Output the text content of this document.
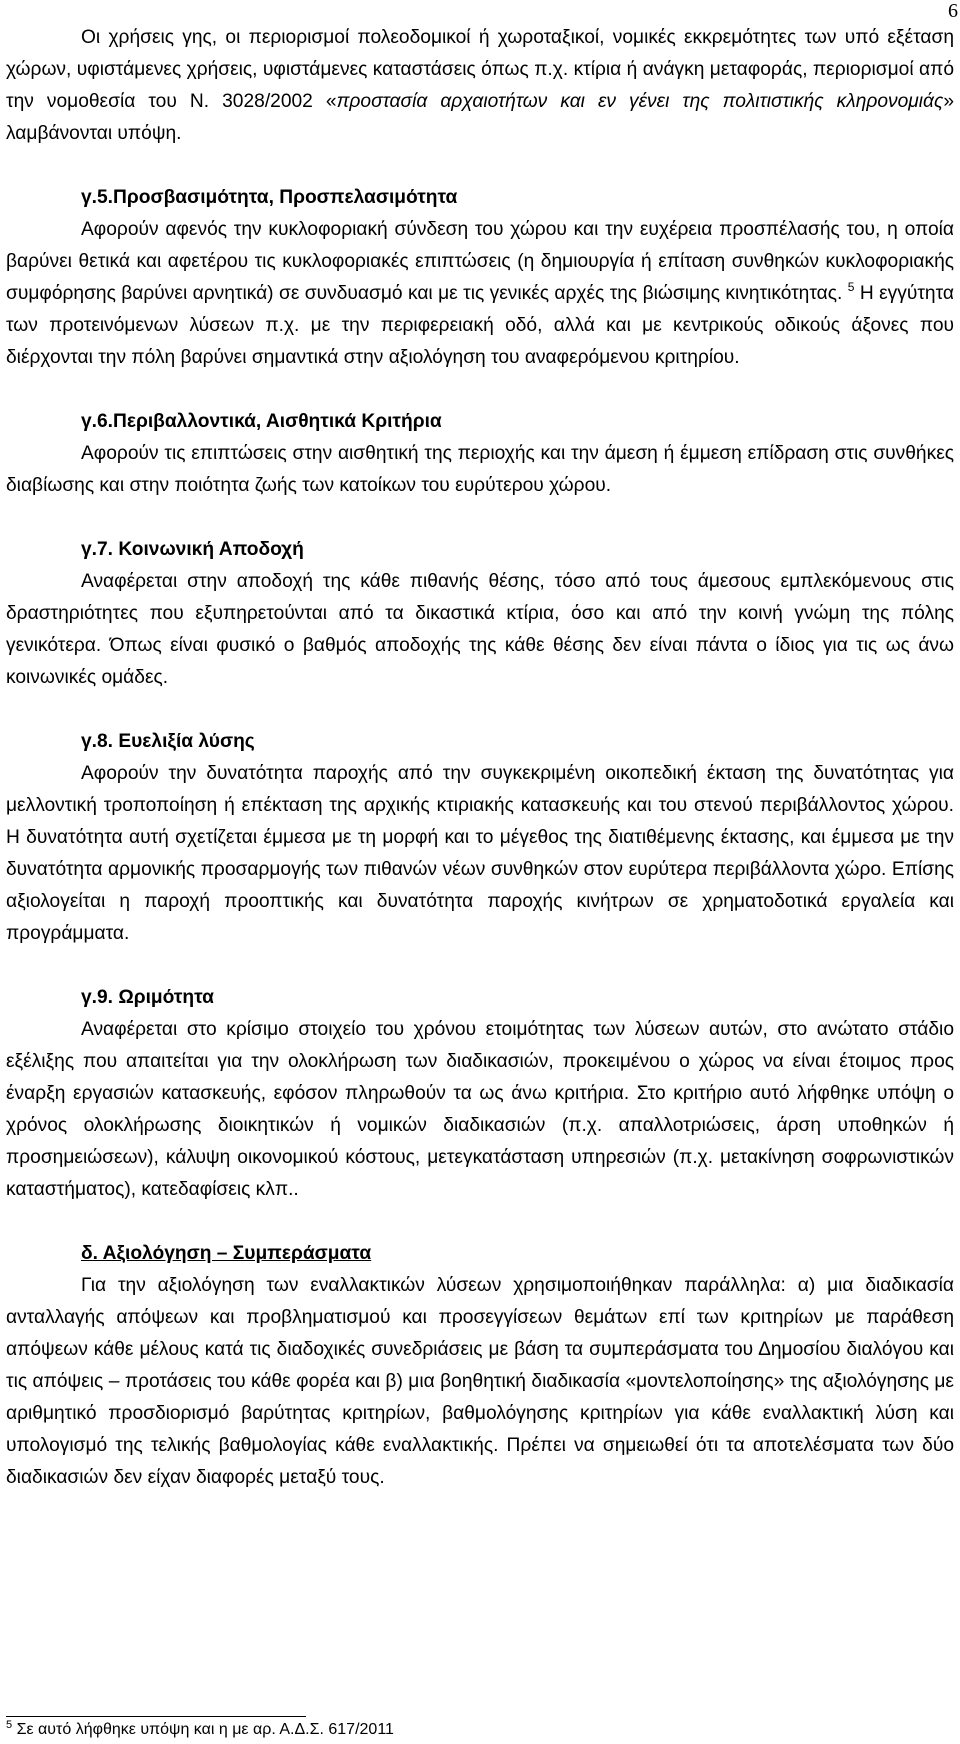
6

Οι χρήσεις γης, οι περιορισμοί πολεοδομικοί ή χωροταξικοί, νομικές εκκρεμότητες των υπό εξέταση χώρων, υφιστάμενες χρήσεις, υφιστάμενες καταστάσεις όπως π.χ. κτίρια ή ανάγκη μεταφοράς, περιορισμοί από την νομοθεσία του Ν. 3028/2002 «προστασία αρχαιοτήτων και εν γένει της πολιτιστικής κληρονομιάς» λαμβάνονται υπόψη.

γ.5.Προσβασιμότητα, Προσπελασιμότητα

Αφορούν αφενός την κυκλοφοριακή σύνδεση του χώρου και την ευχέρεια προσπέλασής του, η οποία βαρύνει θετικά και αφετέρου τις κυκλοφοριακές επιπτώσεις (η δημιουργία ή επίταση συνθηκών κυκλοφοριακής συμφόρησης βαρύνει αρνητικά) σε συνδυασμό και με τις γενικές αρχές της βιώσιμης κινητικότητας. $^5$ Η εγγύτητα των προτεινόμενων λύσεων π.χ. με την περιφερειακή οδό, αλλά και με κεντρικούς οδικούς άξονες που διέρχονται την πόλη βαρύνει σημαντικά στην αξιολόγηση του αναφερόμενου κριτηρίου.

γ.6.Περιβαλλοντικά, Αισθητικά Κριτήρια

Αφορούν τις επιπτώσεις στην αισθητική της περιοχής και την άμεση ή έμμεση επίδραση στις συνθήκες διαβίωσης και στην ποιότητα ζωής των κατοίκων του ευρύτερου χώρου.

γ.7. Κοινωνική Αποδοχή

Αναφέρεται στην αποδοχή της κάθε πιθανής θέσης, τόσο από τους άμεσους εμπλεκόμενους στις δραστηριότητες που εξυπηρετούνται από τα δικαστικά κτίρια, όσο και από την κοινή γνώμη της πόλης γενικότερα. Όπως είναι φυσικό ο βαθμός αποδοχής της κάθε θέσης δεν είναι πάντα ο ίδιος για τις ως άνω κοινωνικές ομάδες.

γ.8. Ευελιξία λύσης

Αφορούν την δυνατότητα παροχής από την συγκεκριμένη οικοπεδική έκταση της δυνατότητας για μελλοντική τροποποίηση ή επέκταση της αρχικής κτιριακής κατασκευής και του στενού περιβάλλοντος χώρου. Η δυνατότητα αυτή σχετίζεται έμμεσα με τη μορφή και το μέγεθος της διατιθέμενης έκτασης, και έμμεσα με την δυνατότητα αρμονικής προσαρμογής των πιθανών νέων συνθηκών στον ευρύτερα περιβάλλοντα χώρο. Επίσης αξιολογείται η παροχή προοπτικής και δυνατότητα παροχής κινήτρων σε χρηματοδοτικά εργαλεία και προγράμματα.

γ.9. Ωριμότητα

Αναφέρεται στο κρίσιμο στοιχείο του χρόνου ετοιμότητας των λύσεων αυτών, στο ανώτατο στάδιο εξέλιξης που απαιτείται για την ολοκλήρωση των διαδικασιών, προκειμένου ο χώρος να είναι έτοιμος προς έναρξη εργασιών κατασκευής, εφόσον πληρωθούν τα ως άνω κριτήρια. Στο κριτήριο αυτό λήφθηκε υπόψη ο χρόνος ολοκλήρωσης διοικητικών ή νομικών διαδικασιών (π.χ. απαλλοτριώσεις, άρση υποθηκών ή προσημειώσεων), κάλυψη οικονομικού κόστους, μετεγκατάσταση υπηρεσιών (π.χ. μετακίνηση σοφρωνιστικών καταστήματος), κατεδαφίσεις κλπ..

δ. Αξιολόγηση – Συμπεράσματα

Για την αξιολόγηση των εναλλακτικών λύσεων χρησιμοποιήθηκαν παράλληλα: α) μια διαδικασία ανταλλαγής απόψεων και προβληματισμού και προσεγγίσεων θεμάτων επί των κριτηρίων με παράθεση απόψεων κάθε μέλους κατά τις διαδοχικές συνεδριάσεις με βάση τα συμπεράσματα του Δημοσίου διαλόγου και τις απόψεις – προτάσεις του κάθε φορέα και β) μια βοηθητική διαδικασία «μοντελοποίησης» της αξιολόγησης με αριθμητικό προσδιορισμό βαρύτητας κριτηρίων, βαθμολόγησης κριτηρίων για κάθε εναλλακτική λύση και υπολογισμό της τελικής βαθμολογίας κάθε εναλλακτικής. Πρέπει να σημειωθεί ότι τα αποτελέσματα των δύο διαδικασιών δεν είχαν διαφορές μεταξύ τους.

$^5$ Σε αυτό λήφθηκε υπόψη και η με αρ. Α.Δ.Σ. 617/2011
